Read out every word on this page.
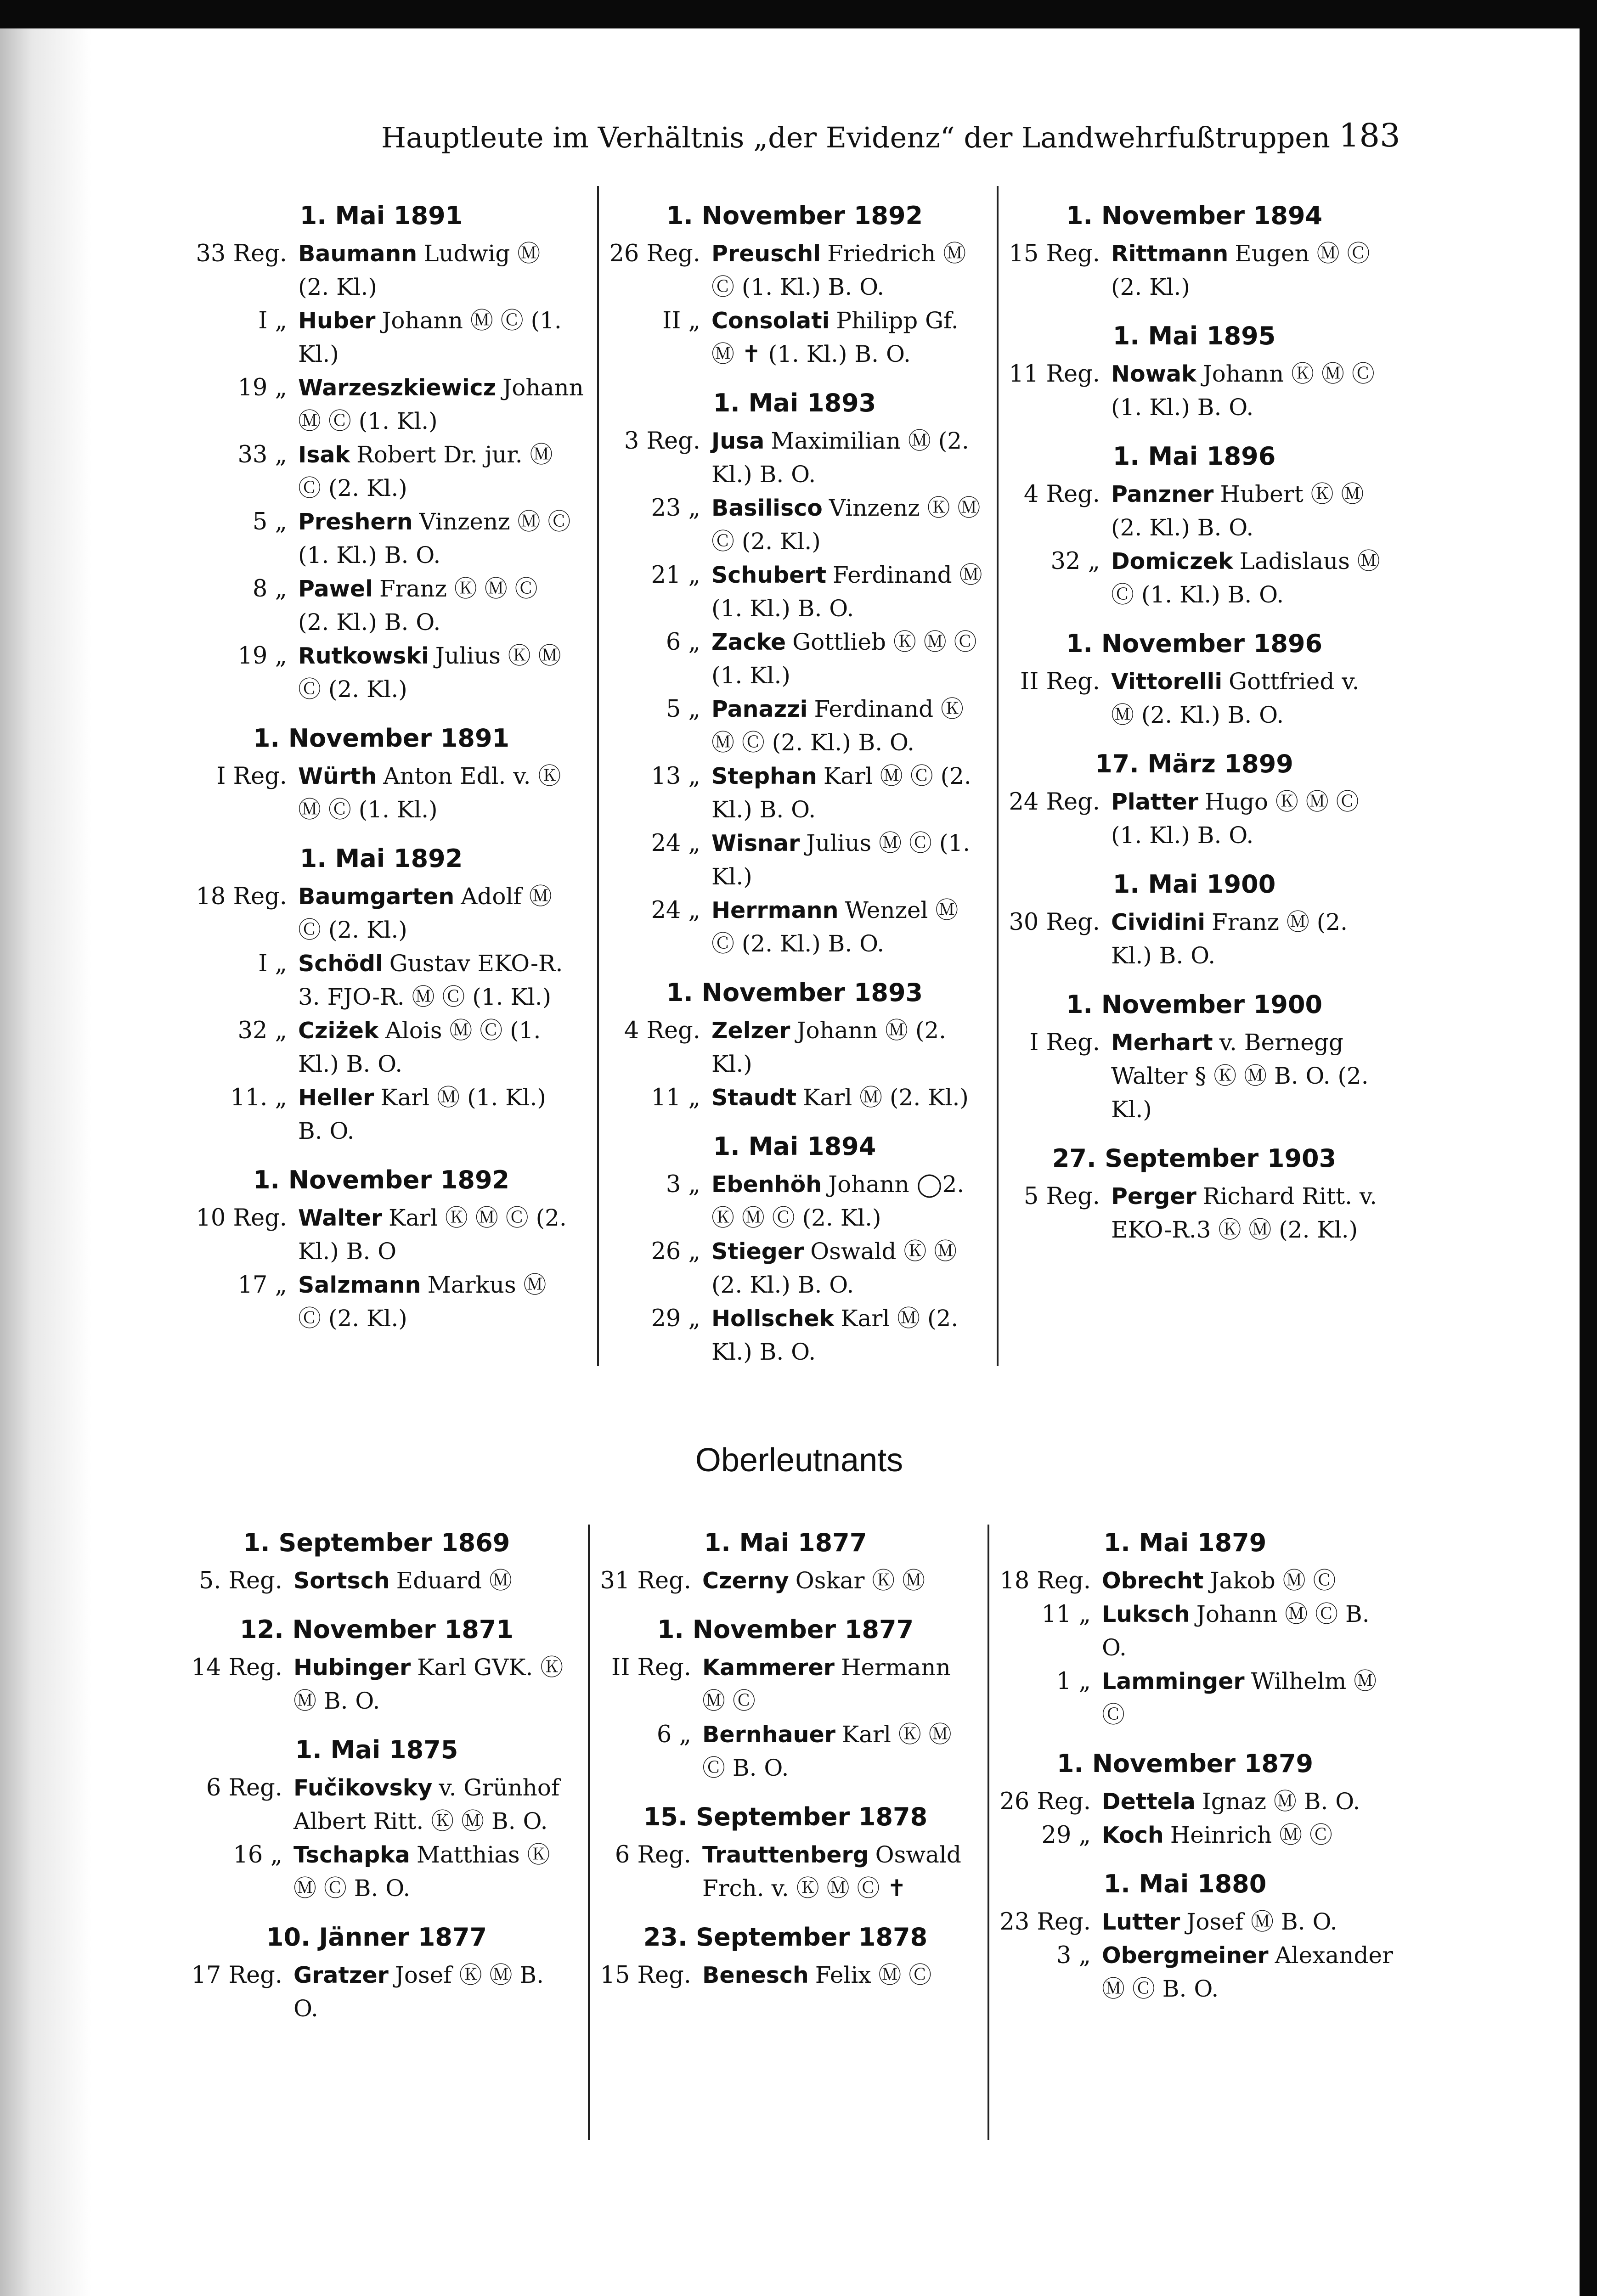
Hauptleute im Verhältnis „der Evidenz“ der Landwehrfußtruppen 183
1. Mai 1891
33 Reg. Baumann Ludwig Ⓜ (2. Kl.)
I „ Huber Johann Ⓜ Ⓒ (1. Kl.)
19 „ Warzeszkiewicz Johann Ⓜ Ⓒ (1. Kl.)
33 „ Isak Robert Dr. jur. Ⓜ Ⓒ (2. Kl.)
5 „ Preshern Vinzenz Ⓜ Ⓒ (1. Kl.) B. O.
8 „ Pawel Franz Ⓚ Ⓜ Ⓒ (2. Kl.) B. O.
19 „ Rutkowski Julius Ⓚ Ⓜ Ⓒ (2. Kl.)
1. November 1891
I Reg. Würth Anton Edl. v. Ⓚ Ⓜ Ⓒ (1. Kl.)
1. Mai 1892
18 Reg. Baumgarten Adolf Ⓜ Ⓒ (2. Kl.)
I „ Schödl Gustav EKO-R. 3. FJO-R. Ⓜ Ⓒ (1. Kl.)
32 „ Cziżek Alois Ⓜ Ⓒ (1. Kl.) B. O.
11. „ Heller Karl Ⓜ (1. Kl.) B. O.
1. November 1892
10 Reg. Walter Karl Ⓚ Ⓜ Ⓒ (2. Kl.) B. O
17 „ Salzmann Markus Ⓜ Ⓒ (2. Kl.)
1. November 1892
26 Reg. Preuschl Friedrich Ⓜ Ⓒ (1. Kl.) B. O.
II „ Consolati Philipp Gf. Ⓜ ✝ (1. Kl.) B. O.
1. Mai 1893
3 Reg. Jusa Maximilian Ⓜ (2. Kl.) B. O.
23 „ Basilisco Vinzenz Ⓚ Ⓜ Ⓒ (2. Kl.)
21 „ Schubert Ferdinand Ⓜ (1. Kl.) B. O.
6 „ Zacke Gottlieb Ⓚ Ⓜ Ⓒ (1. Kl.)
5 „ Panazzi Ferdinand Ⓚ Ⓜ Ⓒ (2. Kl.) B. O.
13 „ Stephan Karl Ⓜ Ⓒ (2. Kl.) B. O.
24 „ Wisnar Julius Ⓜ Ⓒ (1. Kl.)
24 „ Herrmann Wenzel Ⓜ Ⓒ (2. Kl.) B. O.
1. November 1893
4 Reg. Zelzer Johann Ⓜ (2. Kl.)
11 „ Staudt Karl Ⓜ (2. Kl.)
1. Mai 1894
3 „ Ebenhöh Johann ◯2. Ⓚ Ⓜ Ⓒ (2. Kl.)
26 „ Stieger Oswald Ⓚ Ⓜ (2. Kl.) B. O.
29 „ Hollschek Karl Ⓜ (2. Kl.) B. O.
1. November 1894
15 Reg. Rittmann Eugen Ⓜ Ⓒ (2. Kl.)
1. Mai 1895
11 Reg. Nowak Johann Ⓚ Ⓜ Ⓒ (1. Kl.) B. O.
1. Mai 1896
4 Reg. Panzner Hubert Ⓚ Ⓜ (2. Kl.) B. O.
32 „ Domiczek Ladislaus Ⓜ Ⓒ (1. Kl.) B. O.
1. November 1896
II Reg. Vittorelli Gottfried v. Ⓜ (2. Kl.) B. O.
17. März 1899
24 Reg. Platter Hugo Ⓚ Ⓜ Ⓒ (1. Kl.) B. O.
1. Mai 1900
30 Reg. Cividini Franz Ⓜ (2. Kl.) B. O.
1. November 1900
I Reg. Merhart v. Bernegg Walter § Ⓚ Ⓜ B. O. (2. Kl.)
27. September 1903
5 Reg. Perger Richard Ritt. v. EKO-R.3 Ⓚ Ⓜ (2. Kl.)
Oberleutnants
1. September 1869
5. Reg. Sortsch Eduard Ⓜ
12. November 1871
14 Reg. Hubinger Karl GVK. Ⓚ Ⓜ B. O.
1. Mai 1875
6 Reg. Fučikovsky v. Grünhof Albert Ritt. Ⓚ Ⓜ B. O.
16 „ Tschapka Matthias Ⓚ Ⓜ Ⓒ B. O.
10. Jänner 1877
17 Reg. Gratzer Josef Ⓚ Ⓜ B. O.
1. Mai 1877
31 Reg. Czerny Oskar Ⓚ Ⓜ
1. November 1877
II Reg. Kammerer Hermann Ⓜ Ⓒ
6 „ Bernhauer Karl Ⓚ Ⓜ Ⓒ B. O.
15. September 1878
6 Reg. Trauttenberg Oswald Frch. v. Ⓚ Ⓜ Ⓒ ✝
23. September 1878
15 Reg. Benesch Felix Ⓜ Ⓒ
1. Mai 1879
18 Reg. Obrecht Jakob Ⓜ Ⓒ
11 „ Luksch Johann Ⓜ Ⓒ B. O.
1 „ Lamminger Wilhelm Ⓜ Ⓒ
1. November 1879
26 Reg. Dettela Ignaz Ⓜ B. O.
29 „ Koch Heinrich Ⓜ Ⓒ
1. Mai 1880
23 Reg. Lutter Josef Ⓜ B. O.
3 „ Obergmeiner Alexander Ⓜ Ⓒ B. O.
